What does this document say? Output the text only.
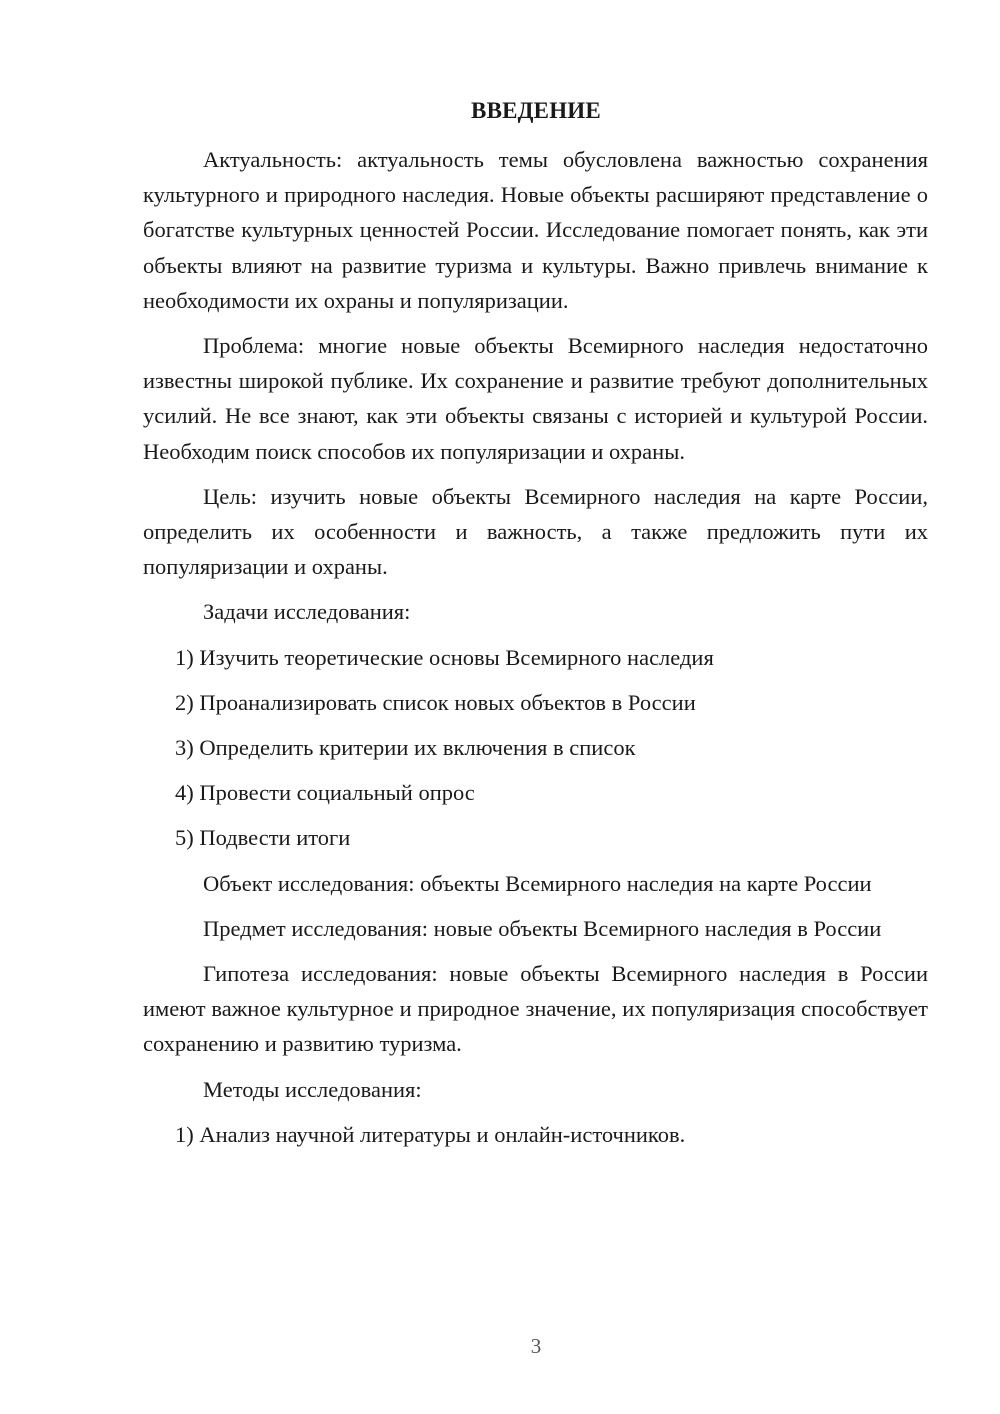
ВВЕДЕНИЕ

Актуальность: актуальность темы обусловлена важностью сохранения культурного и природного наследия. Новые объекты расширяют представление о богатстве культурных ценностей России. Исследование помогает понять, как эти объекты влияют на развитие туризма и культуры. Важно привлечь внимание к необходимости их охраны и популяризации.

Проблема: многие новые объекты Всемирного наследия недостаточно известны широкой публике. Их сохранение и развитие требуют дополнительных усилий. Не все знают, как эти объекты связаны с историей и культурой России. Необходим поиск способов их популяризации и охраны.

Цель: изучить новые объекты Всемирного наследия на карте России, определить их особенности и важность, а также предложить пути их популяризации и охраны.

Задачи исследования:

1) Изучить теоретические основы Всемирного наследия
2) Проанализировать список новых объектов в России
3) Определить критерии их включения в список
4) Провести социальный опрос
5) Подвести итоги

Объект исследования: объекты Всемирного наследия на карте России

Предмет исследования: новые объекты Всемирного наследия в России

Гипотеза исследования: новые объекты Всемирного наследия в России имеют важное культурное и природное значение, их популяризация способствует сохранению и развитию туризма.

Методы исследования:

1) Анализ научной литературы и онлайн-источников.
3
